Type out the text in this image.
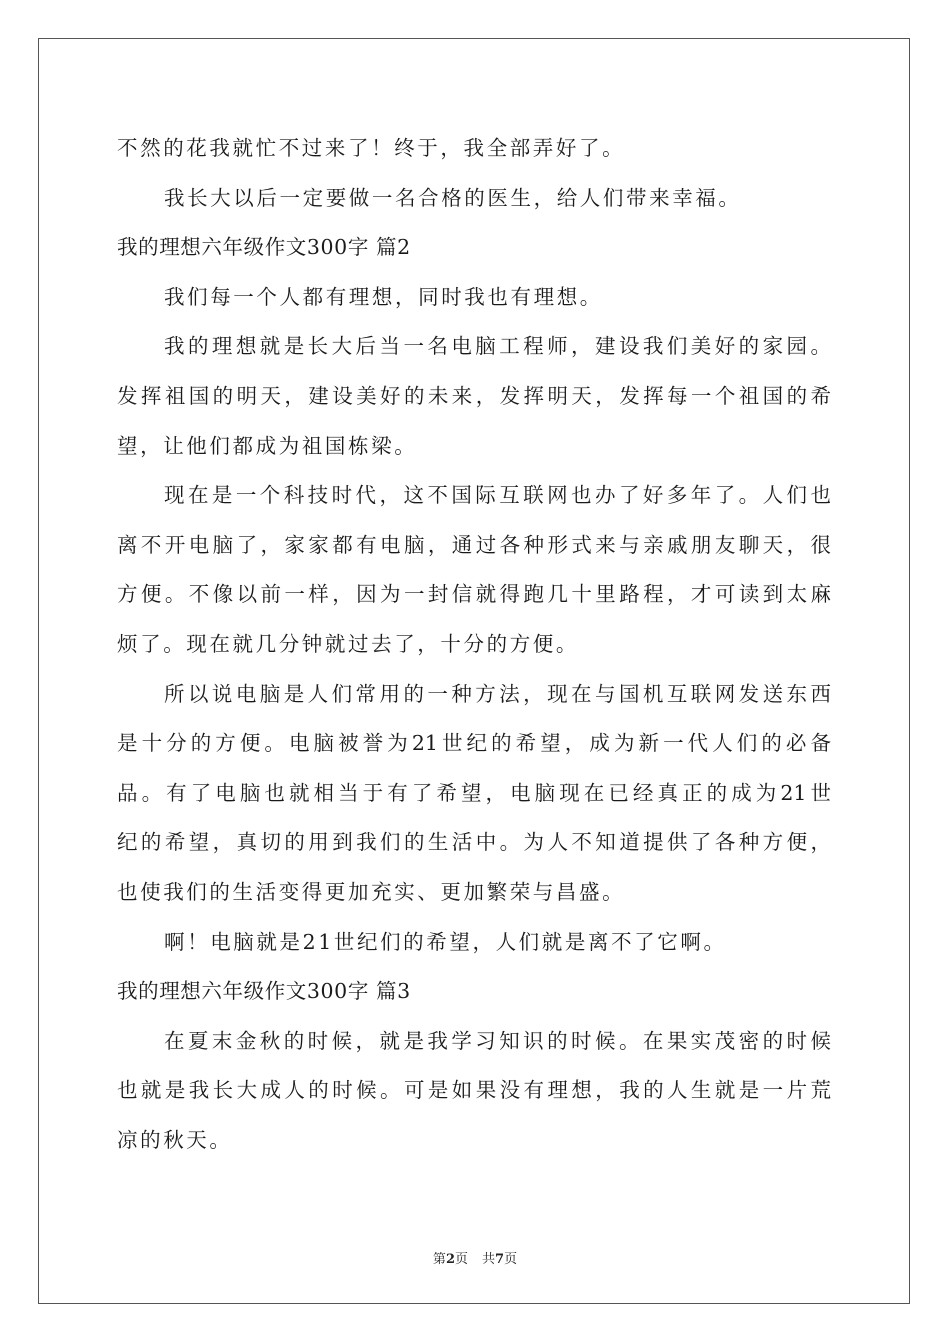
不然的花我就忙不过来了！终于，我全部弄好了。
我长大以后一定要做一名合格的医生，给人们带来幸福。
我的理想六年级作文300字 篇2
我们每一个人都有理想，同时我也有理想。
我的理想就是长大后当一名电脑工程师，建设我们美好的家园。
发挥祖国的明天，建设美好的未来，发挥明天，发挥每一个祖国的希
望，让他们都成为祖国栋梁。
现在是一个科技时代，这不国际互联网也办了好多年了。人们也
离不开电脑了，家家都有电脑，通过各种形式来与亲戚朋友聊天，很
方便。不像以前一样，因为一封信就得跑几十里路程，才可读到太麻
烦了。现在就几分钟就过去了，十分的方便。
所以说电脑是人们常用的一种方法，现在与国机互联网发送东西
是十分的方便。电脑被誉为21世纪的希望，成为新一代人们的必备
品。有了电脑也就相当于有了希望，电脑现在已经真正的成为21世
纪的希望，真切的用到我们的生活中。为人不知道提供了各种方便，
也使我们的生活变得更加充实、更加繁荣与昌盛。
啊！电脑就是21世纪们的希望，人们就是离不了它啊。
我的理想六年级作文300字 篇3
在夏末金秋的时候，就是我学习知识的时候。在果实茂密的时候
也就是我长大成人的时候。可是如果没有理想，我的人生就是一片荒
凉的秋天。
第2页 共7页
